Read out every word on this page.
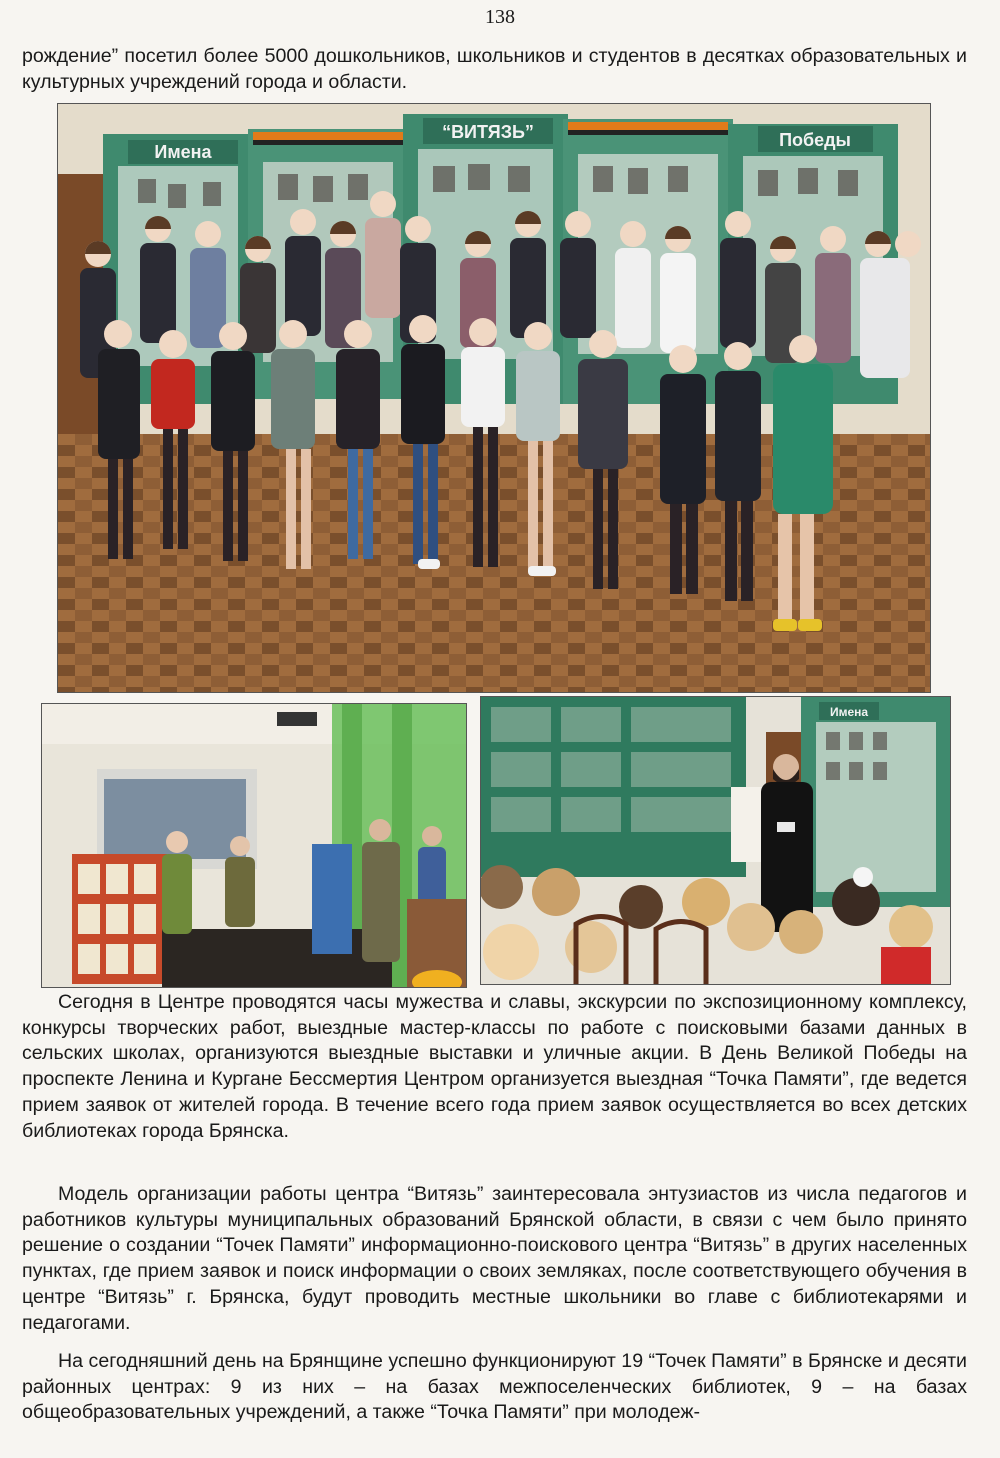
138

рождение” посетил более 5000 дошкольников, школьников и студентов в десятках образовательных и культурных учреждений города и области.

Имена
“ВИТЯЗЬ”	Победы
Имена

Сегодня в Центре проводятся часы мужества и славы, экскурсии по экспозиционному комплексу, конкурсы творческих работ, выездные мастер-классы по работе с поисковыми базами данных в сельских школах, организуются выездные выставки и уличные акции. В День Великой Победы на проспекте Ленина и Кургане Бессмертия Центром организуется выездная “Точка Памяти”, где ведется прием заявок от жителей города. В течение всего года прием заявок осуществляется во всех детских библиотеках города Брянска.

Модель организации работы центра “Витязь” заинтересовала энтузиастов из числа педагогов и работников культуры муниципальных образований Брянской области, в связи с чем было принято решение о создании “Точек Памяти” информационно-поискового центра “Витязь” в других населенных пунктах, где прием заявок и поиск информации о своих земляках, после соответствующего обучения в центре “Витязь” г. Брянска, будут проводить местные школьники во главе с библиотекарями и педагогами.

На сегодняшний день на Брянщине успешно функционируют 19 “Точек Памяти” в Брянске и десяти районных центрах: 9 из них – на базах межпоселенческих библиотек, 9 – на базах общеобразовательных учреждений, а также “Точка Памяти” при молодеж-
